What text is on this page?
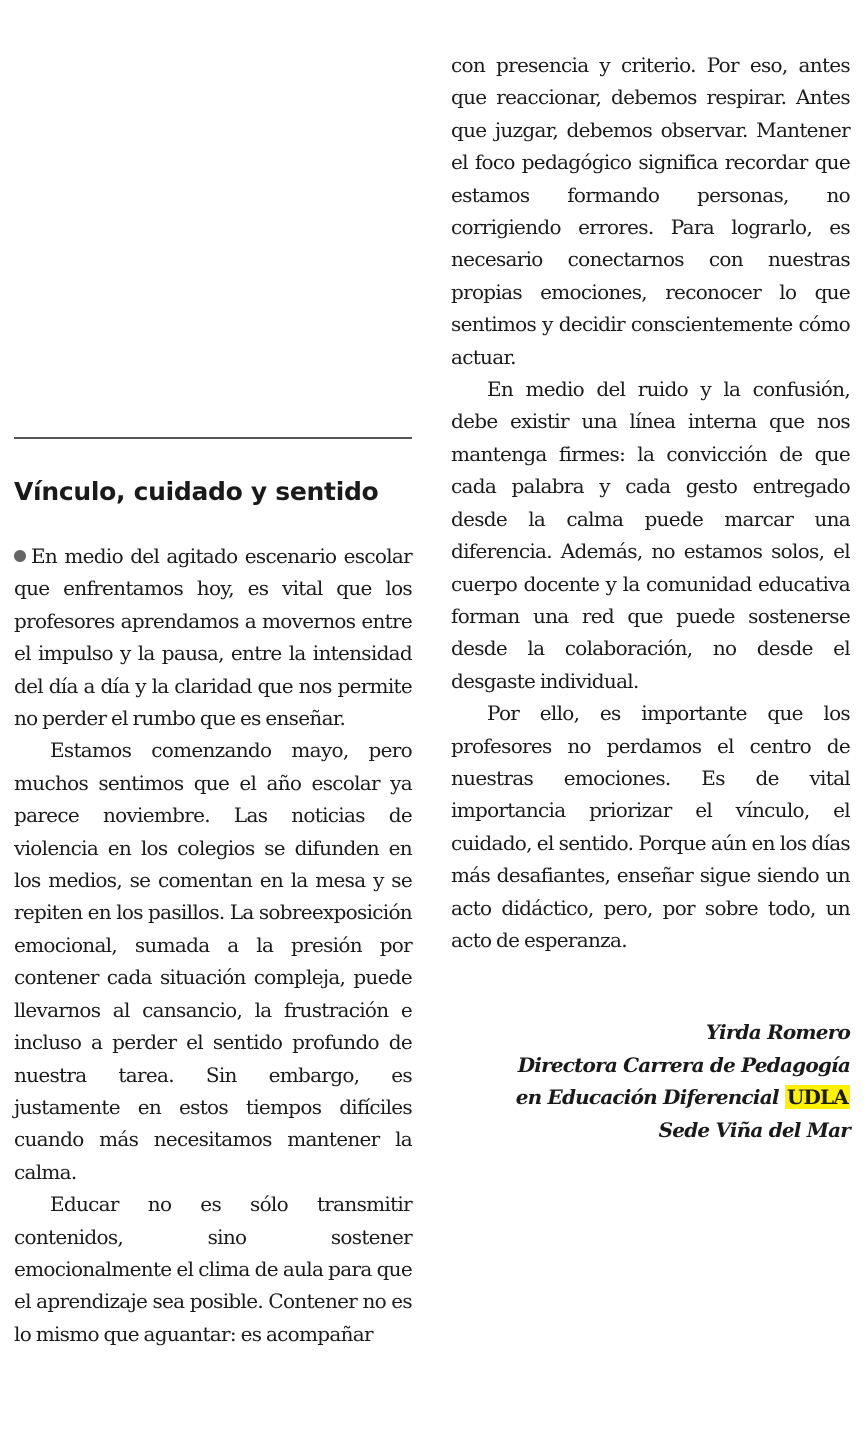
Vínculo, cuidado y sentido

En medio del agitado escenario escolar que enfrentamos hoy, es vital que los profesores aprendamos a movernos entre el impulso y la pausa, entre la intensidad del día a día y la claridad que nos permite no perder el rumbo que es enseñar.

Estamos comenzando mayo, pero muchos sentimos que el año escolar ya parece noviembre. Las noticias de violencia en los colegios se difunden en los medios, se comentan en la mesa y se repiten en los pasillos. La sobreexposición emocional, sumada a la presión por contener cada situación compleja, puede llevarnos al cansancio, la frustración e incluso a perder el sentido profundo de nuestra tarea. Sin embargo, es justamente en estos tiempos difíciles cuando más necesitamos mantener la calma.

Educar no es sólo transmitir contenidos, sino sostener emocionalmente el clima de aula para que el aprendizaje sea posible. Contener no es lo mismo que aguantar: es acompañar

con presencia y criterio. Por eso, antes que reaccionar, debemos respirar. Antes que juzgar, debemos observar. Mantener el foco pedagógico significa recordar que estamos formando personas, no corrigiendo errores. Para lograrlo, es necesario conectarnos con nuestras propias emociones, reconocer lo que sentimos y decidir conscientemente cómo actuar.

En medio del ruido y la confusión, debe existir una línea interna que nos mantenga firmes: la convicción de que cada palabra y cada gesto entregado desde la calma puede marcar una diferencia. Además, no estamos solos, el cuerpo docente y la comunidad educativa forman una red que puede sostenerse desde la colaboración, no desde el desgaste individual.

Por ello, es importante que los profesores no perdamos el centro de nuestras emociones. Es de vital importancia priorizar el vínculo, el cuidado, el sentido. Porque aún en los días más desafiantes, enseñar sigue siendo un acto didáctico, pero, por sobre todo, un acto de esperanza.

Yirda Romero
Directora Carrera de Pedagogía
en Educación Diferencial UDLA
Sede Viña del Mar
